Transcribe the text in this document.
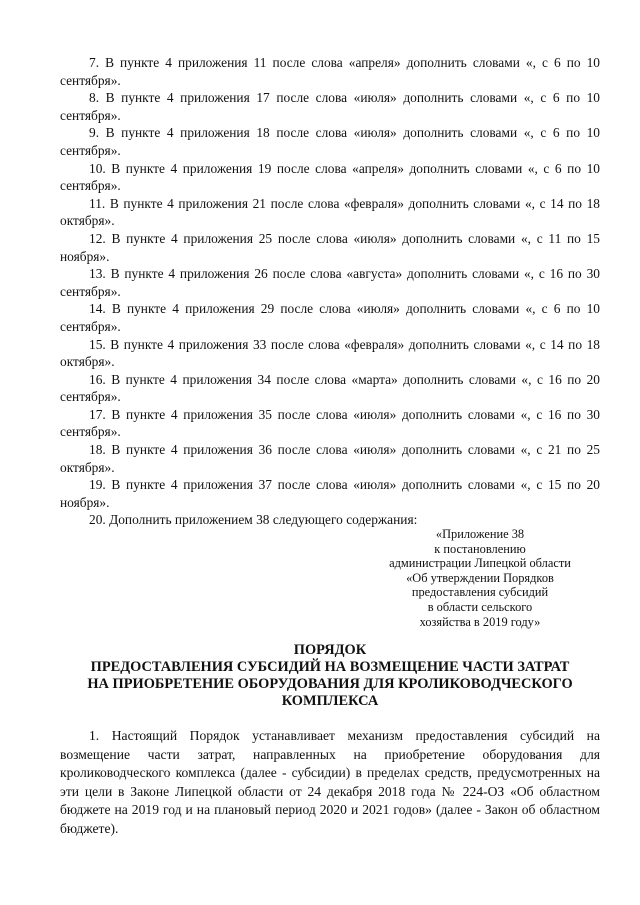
7. В пункте 4 приложения 11 после слова «апреля» дополнить словами «, с 6 по 10 сентября».

8. В пункте 4 приложения 17 после слова «июля» дополнить словами «, с 6 по 10 сентября».

9. В пункте 4 приложения 18 после слова «июля» дополнить словами «, с 6 по 10 сентября».

10. В пункте 4 приложения 19 после слова «апреля» дополнить словами «, с 6 по 10 сентября».

11. В пункте 4 приложения 21 после слова «февраля» дополнить словами «, с 14 по 18 октября».

12. В пункте 4 приложения 25 после слова «июля» дополнить словами «, с 11 по 15 ноября».

13. В пункте 4 приложения 26 после слова «августа» дополнить словами «, с 16 по 30 сентября».

14. В пункте 4 приложения 29 после слова «июля» дополнить словами «, с 6 по 10 сентября».

15. В пункте 4 приложения 33 после слова «февраля» дополнить словами «, с 14 по 18 октября».

16. В пункте 4 приложения 34 после слова «марта» дополнить словами «, с 16 по 20 сентября».

17. В пункте 4 приложения 35 после слова «июля» дополнить словами «, с 16 по 30 сентября».

18. В пункте 4 приложения 36 после слова «июля» дополнить словами «, с 21 по 25 октября».

19. В пункте 4 приложения 37 после слова «июля» дополнить словами «, с 15 по 20 ноября».

20. Дополнить приложением 38 следующего содержания:

«Приложение 38
к постановлению
администрации Липецкой области
«Об утверждении Порядков
предоставления субсидий
в области сельского
хозяйства в 2019 году»
ПОРЯДОК
ПРЕДОСТАВЛЕНИЯ СУБСИДИЙ НА ВОЗМЕЩЕНИЕ ЧАСТИ ЗАТРАТ
НА ПРИОБРЕТЕНИЕ ОБОРУДОВАНИЯ ДЛЯ КРОЛИКОВОДЧЕСКОГО
КОМПЛЕКСА

1. Настоящий Порядок устанавливает механизм предоставления субсидий на возмещение части затрат, направленных на приобретение оборудования для кролиководческого комплекса (далее - субсидии) в пределах средств, предусмотренных на эти цели в Законе Липецкой области от 24 декабря 2018 года № 224-ОЗ «Об областном бюджете на 2019 год и на плановый период 2020 и 2021 годов» (далее - Закон об областном бюджете).
